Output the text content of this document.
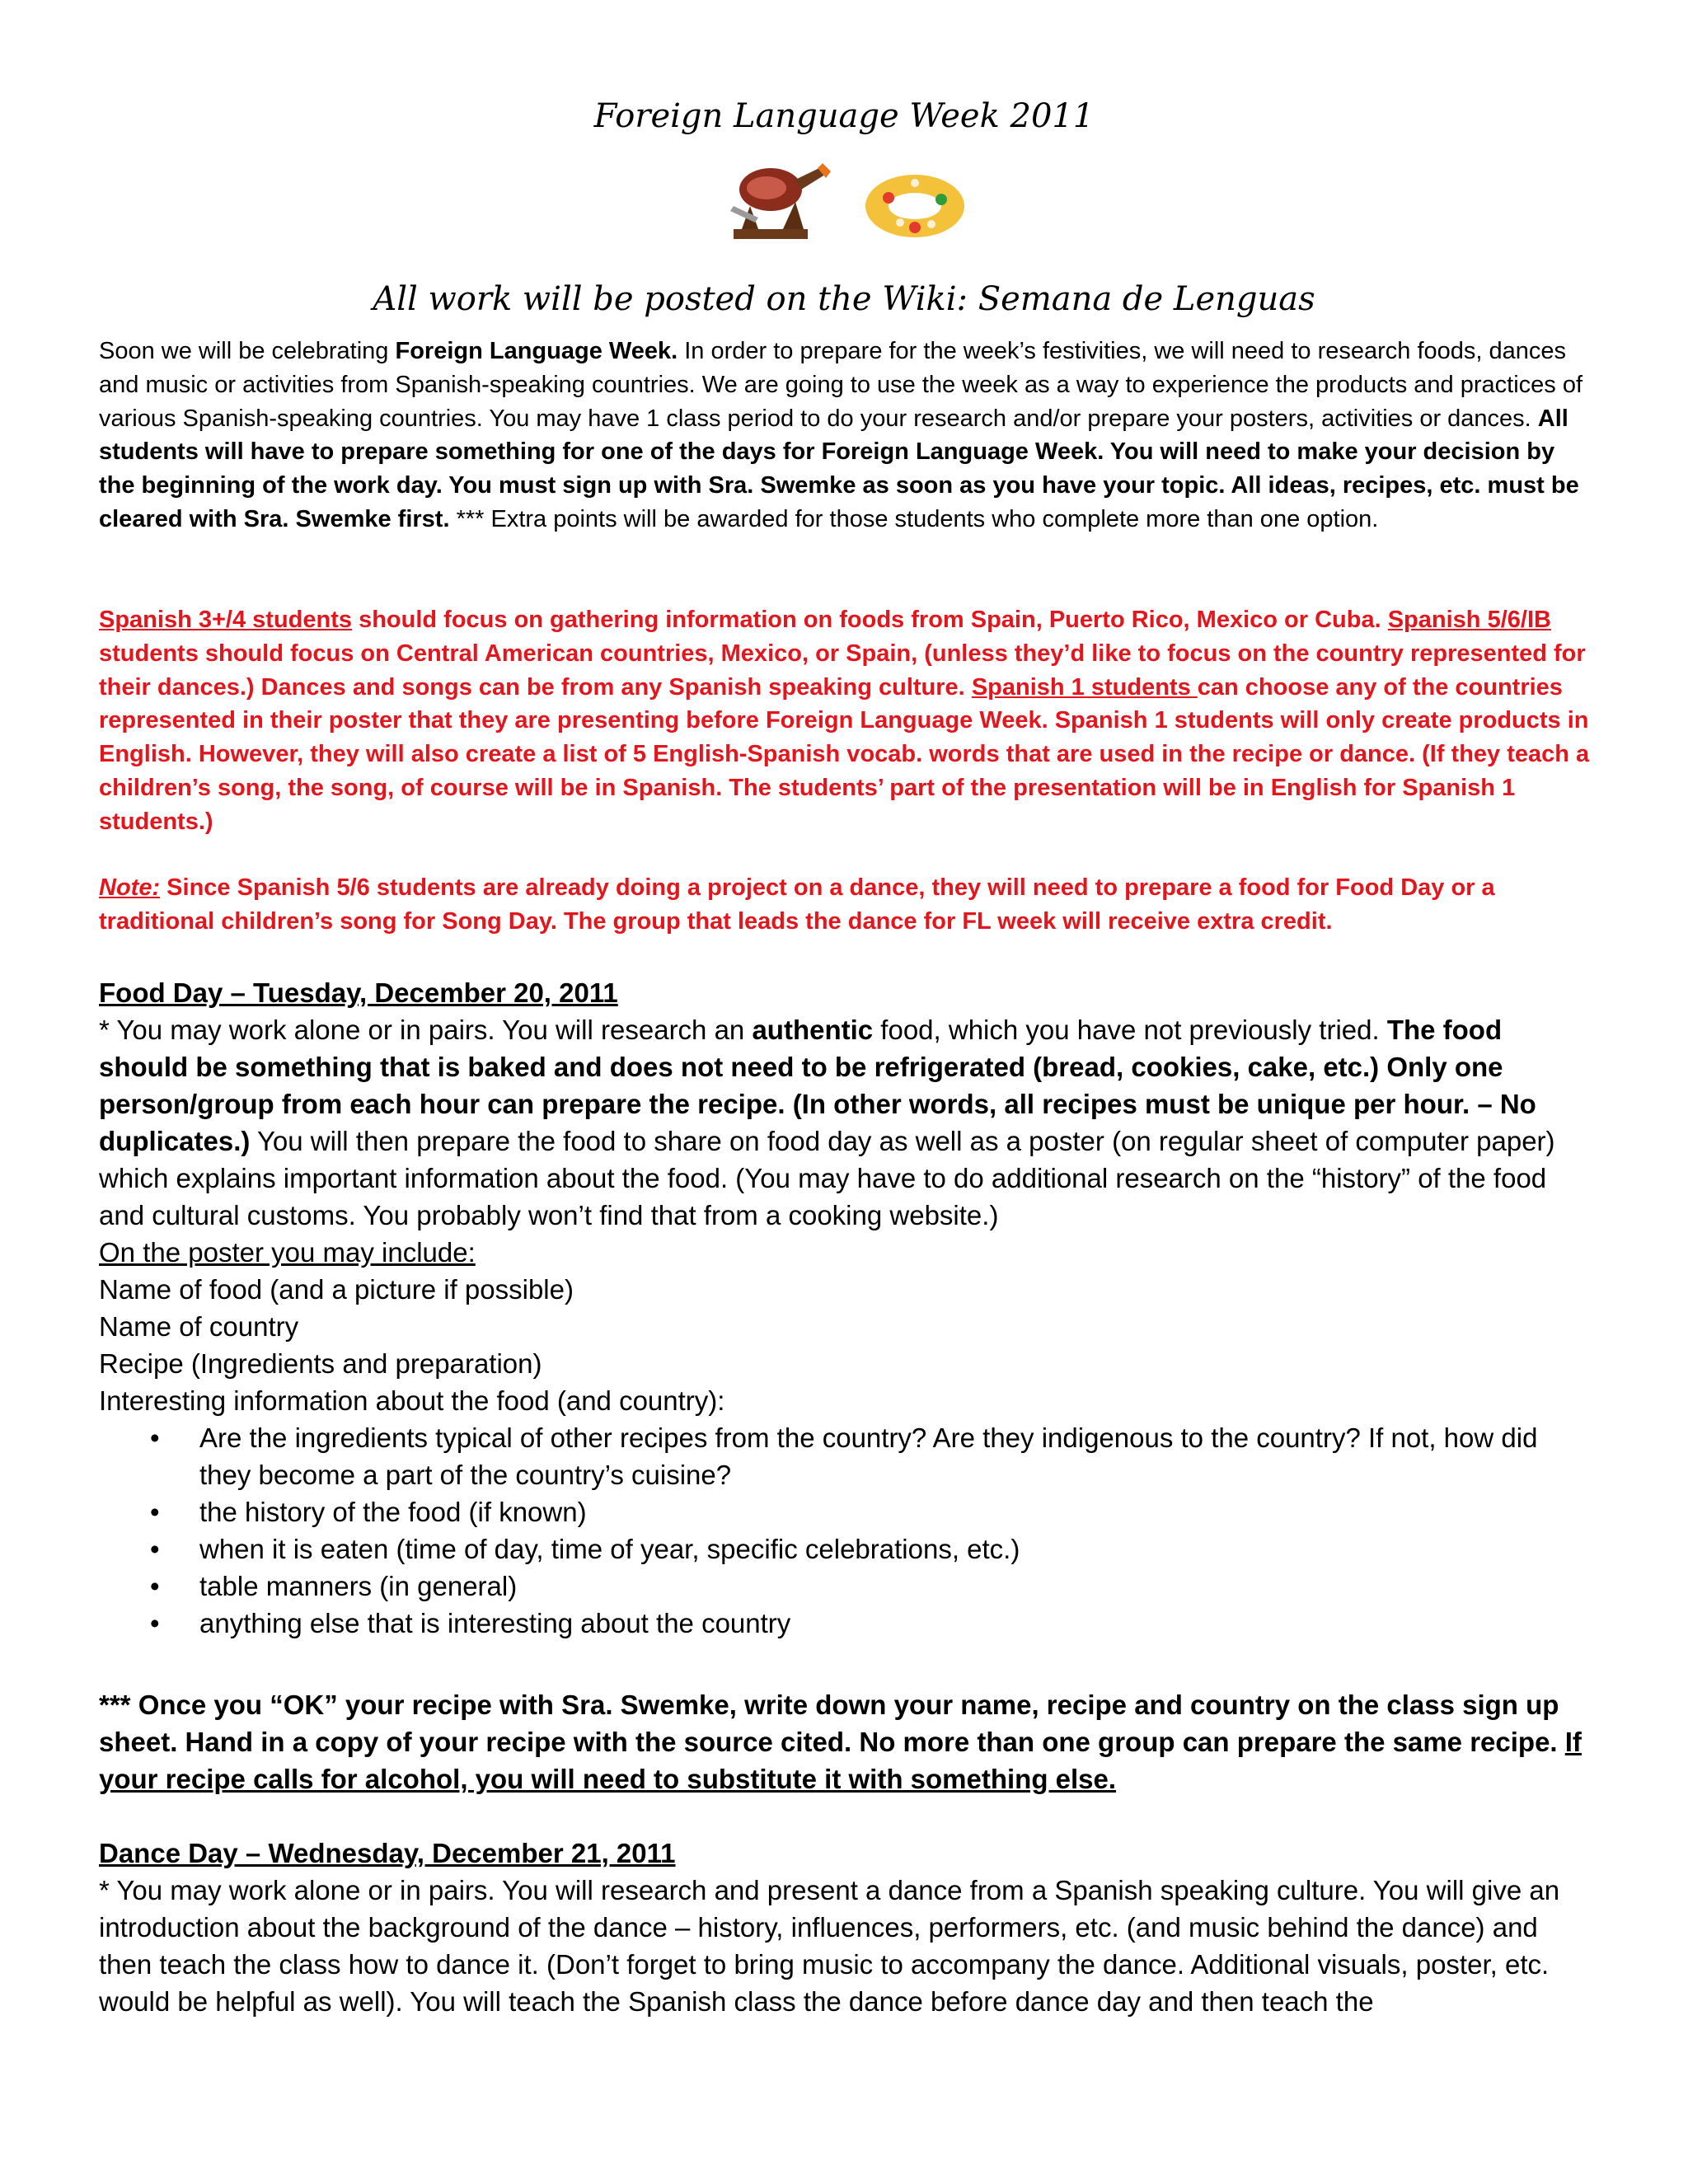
Foreign Language Week 2011
All work will be posted on the Wiki: Semana de Lenguas

Soon we will be celebrating Foreign Language Week. In order to prepare for the week’s festivities, we will need to research foods, dances and music or activities from Spanish-speaking countries. We are going to use the week as a way to experience the products and practices of various Spanish-speaking countries. You may have 1 class period to do your research and/or prepare your posters, activities or dances. All students will have to prepare something for one of the days for Foreign Language Week. You will need to make your decision by the beginning of the work day. You must sign up with Sra. Swemke as soon as you have your topic. All ideas, recipes, etc. must be cleared with Sra. Swemke first. *** Extra points will be awarded for those students who complete more than one option.

Spanish 3+/4 students should focus on gathering information on foods from Spain, Puerto Rico, Mexico or Cuba. Spanish 5/6/IB students should focus on Central American countries, Mexico, or Spain, (unless they’d like to focus on the country represented for their dances.) Dances and songs can be from any Spanish speaking culture. Spanish 1 students can choose any of the countries represented in their poster that they are presenting before Foreign Language Week. Spanish 1 students will only create products in English. However, they will also create a list of 5 English-Spanish vocab. words that are used in the recipe or dance. (If they teach a children’s song, the song, of course will be in Spanish. The students’ part of the presentation will be in English for Spanish 1 students.)

Note: Since Spanish 5/6 students are already doing a project on a dance, they will need to prepare a food for Food Day or a traditional children’s song for Song Day. The group that leads the dance for FL week will receive extra credit.

Food Day – Tuesday, December 20, 2011

* You may work alone or in pairs. You will research an authentic food, which you have not previously tried. The food should be something that is baked and does not need to be refrigerated (bread, cookies, cake, etc.) Only one person/group from each hour can prepare the recipe. (In other words, all recipes must be unique per hour. – No duplicates.) You will then prepare the food to share on food day as well as a poster (on regular sheet of computer paper) which explains important information about the food. (You may have to do additional research on the “history” of the food and cultural customs. You probably won’t find that from a cooking website.)

On the poster you may include:

Name of food (and a picture if possible)

Name of country

Recipe (Ingredients and preparation)

Interesting information about the food (and country):

• Are the ingredients typical of other recipes from the country? Are they indigenous to the country? If not, how did they become a part of the country’s cuisine?
• the history of the food (if known)
• when it is eaten (time of day, time of year, specific celebrations, etc.)
• table manners (in general)
• anything else that is interesting about the country

*** Once you “OK” your recipe with Sra. Swemke, write down your name, recipe and country on the class sign up sheet. Hand in a copy of your recipe with the source cited. No more than one group can prepare the same recipe. If your recipe calls for alcohol, you will need to substitute it with something else.

Dance Day – Wednesday, December 21, 2011

* You may work alone or in pairs. You will research and present a dance from a Spanish speaking culture. You will give an introduction about the background of the dance – history, influences, performers, etc. (and music behind the dance) and then teach the class how to dance it. (Don’t forget to bring music to accompany the dance. Additional visuals, poster, etc. would be helpful as well). You will teach the Spanish class the dance before dance day and then teach the
